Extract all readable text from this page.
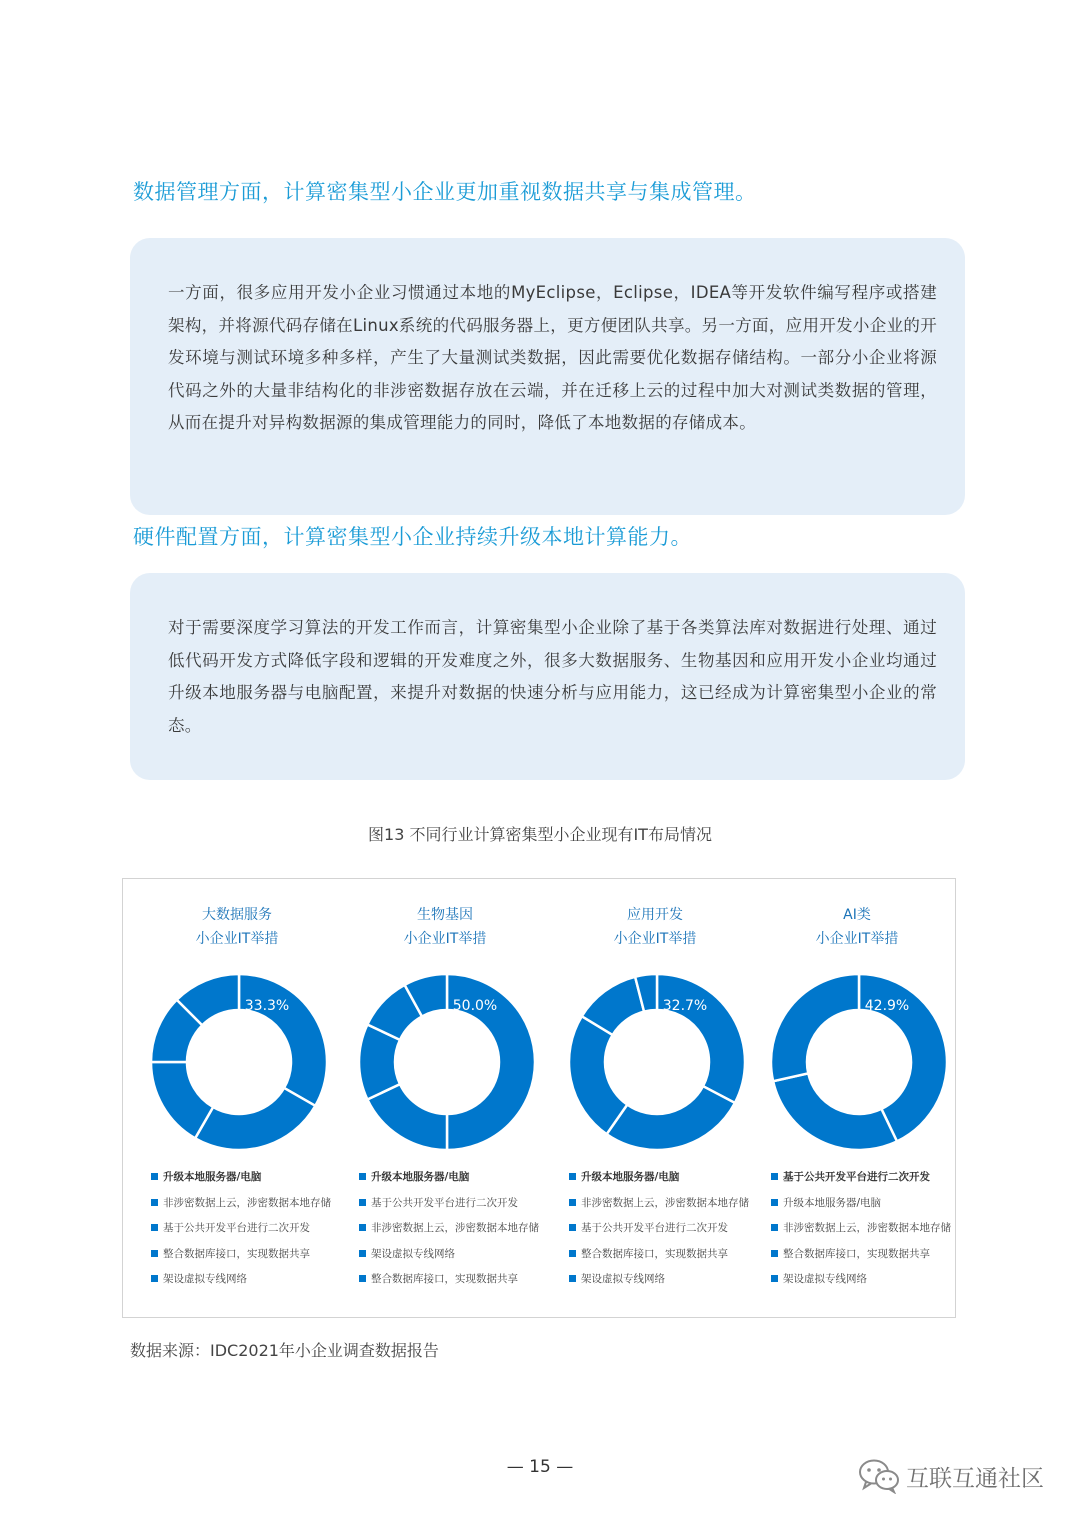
数据管理方面，计算密集型小企业更加重视数据共享与集成管理。

一方面，很多应用开发小企业习惯通过本地的MyEclipse，Eclipse，IDEA等开发软件编写程序或搭建架构，并将源代码存储在Linux系统的代码服务器上，更方便团队共享。另一方面，应用开发小企业的开发环境与测试环境多种多样，产生了大量测试类数据，因此需要优化数据存储结构。一部分小企业将源代码之外的大量非结构化的非涉密数据存放在云端，并在迁移上云的过程中加大对测试类数据的管理，从而在提升对异构数据源的集成管理能力的同时，降低了本地数据的存储成本。

硬件配置方面，计算密集型小企业持续升级本地计算能力。

对于需要深度学习算法的开发工作而言，计算密集型小企业除了基于各类算法库对数据进行处理、通过低代码开发方式降低字段和逻辑的开发难度之外，很多大数据服务、生物基因和应用开发小企业均通过升级本地服务器与电脑配置，来提升对数据的快速分析与应用能力，这已经成为计算密集型小企业的常态。

图13 不同行业计算密集型小企业现有IT布局情况
大数据服务
小企业IT举措
33.3%
升级本地服务器/电脑
非涉密数据上云，涉密数据本地存储
基于公共开发平台进行二次开发
整合数据库接口，实现数据共享
架设虚拟专线网络
生物基因
小企业IT举措
50.0%
升级本地服务器/电脑
基于公共开发平台进行二次开发
非涉密数据上云，涉密数据本地存储
架设虚拟专线网络
整合数据库接口，实现数据共享
应用开发
小企业IT举措
32.7%
升级本地服务器/电脑
非涉密数据上云，涉密数据本地存储
基于公共开发平台进行二次开发
整合数据库接口，实现数据共享
架设虚拟专线网络
AI类
小企业IT举措
42.9%
基于公共开发平台进行二次开发
升级本地服务器/电脑
非涉密数据上云，涉密数据本地存储
整合数据库接口，实现数据共享
架设虚拟专线网络
数据来源：IDC2021年小企业调查数据报告
— 15 —	互联互通社区
